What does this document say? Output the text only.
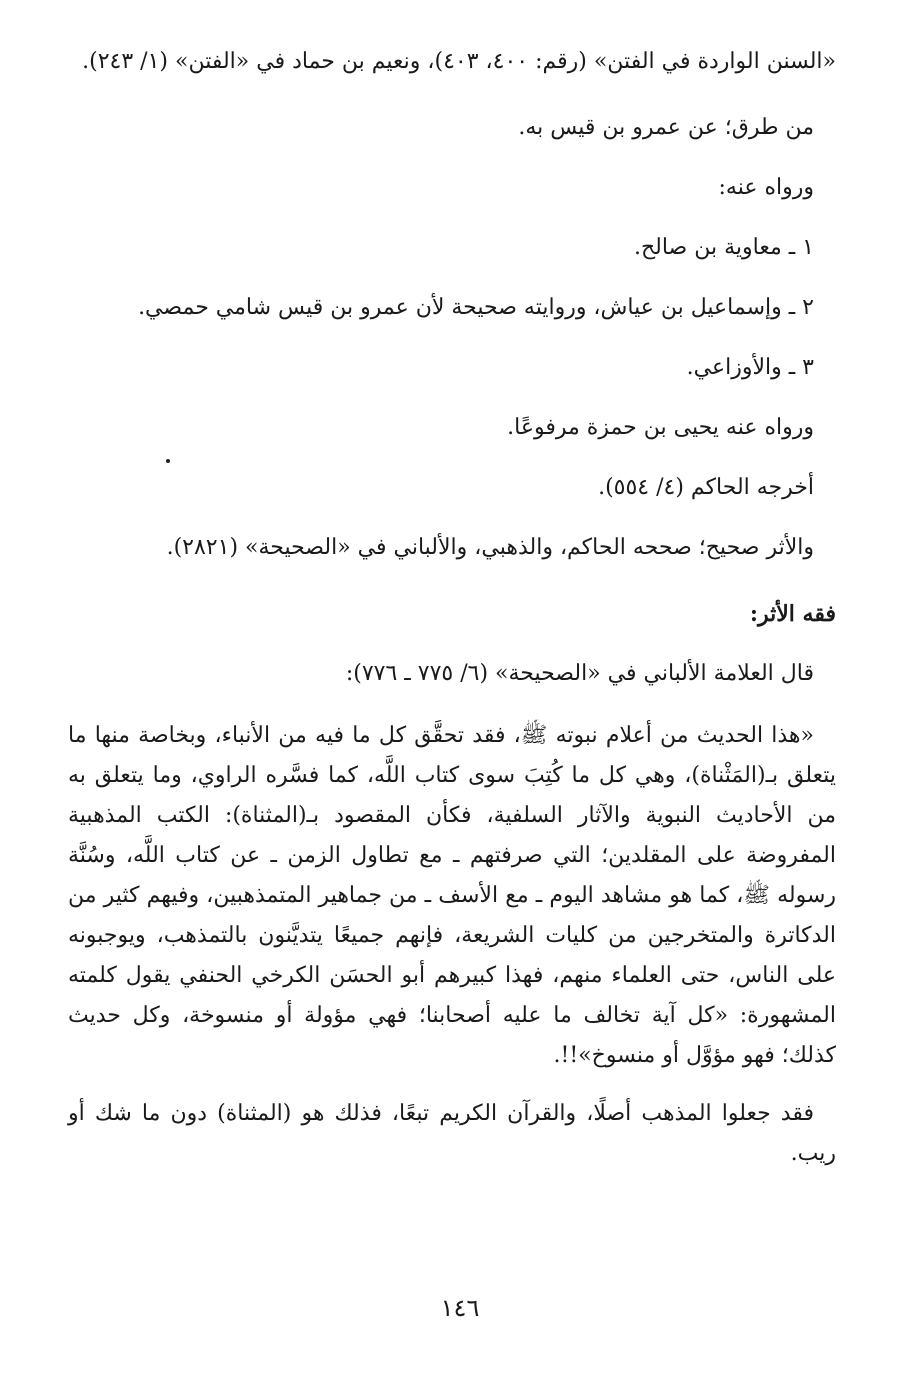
«السنن الواردة في الفتن» (رقم: ٤٠٠، ٤٠٣)، ونعيم بن حماد في «الفتن» (١/ ٢٤٣).

من طرق؛ عن عمرو بن قيس به.

ورواه عنه:

١ ـ معاوية بن صالح.

٢ ـ وإسماعيل بن عياش، وروايته صحيحة لأن عمرو بن قيس شامي حمصي.

٣ ـ والأوزاعي.

ورواه عنه يحيى بن حمزة مرفوعًا.

أخرجه الحاكم (٤/ ٥٥٤).

والأثر صحيح؛ صححه الحاكم، والذهبي، والألباني في «الصحيحة» (٢٨٢١).

فقه الأثر:

قال العلامة الألباني في «الصحيحة» (٦/ ٧٧٥ ـ ٧٧٦):

«هذا الحديث من أعلام نبوته ﷺ، فقد تحقَّق كل ما فيه من الأنباء، وبخاصة منها ما يتعلق بـ(المَثْناة)، وهي كل ما كُتِبَ سوى كتاب اللَّه، كما فسَّره الراوي، وما يتعلق به من الأحاديث النبوية والآثار السلفية، فكأن المقصود بـ(المثناة): الكتب المذهبية المفروضة على المقلدين؛ التي صرفتهم ـ مع تطاول الزمن ـ عن كتاب اللَّه، وسُنَّة رسوله ﷺ، كما هو مشاهد اليوم ـ مع الأسف ـ من جماهير المتمذهبين، وفيهم كثير من الدكاترة والمتخرجين من كليات الشريعة، فإنهم جميعًا يتديَّنون بالتمذهب، ويوجبونه على الناس، حتى العلماء منهم، فهذا كبيرهم أبو الحسَن الكرخي الحنفي يقول كلمته المشهورة: «كل آية تخالف ما عليه أصحابنا؛ فهي مؤولة أو منسوخة، وكل حديث كذلك؛ فهو مؤوَّل أو منسوخ»!!.

فقد جعلوا المذهب أصلًا، والقرآن الكريم تبعًا، فذلك هو (المثناة) دون ما شك أو ريب.

١٤٦
